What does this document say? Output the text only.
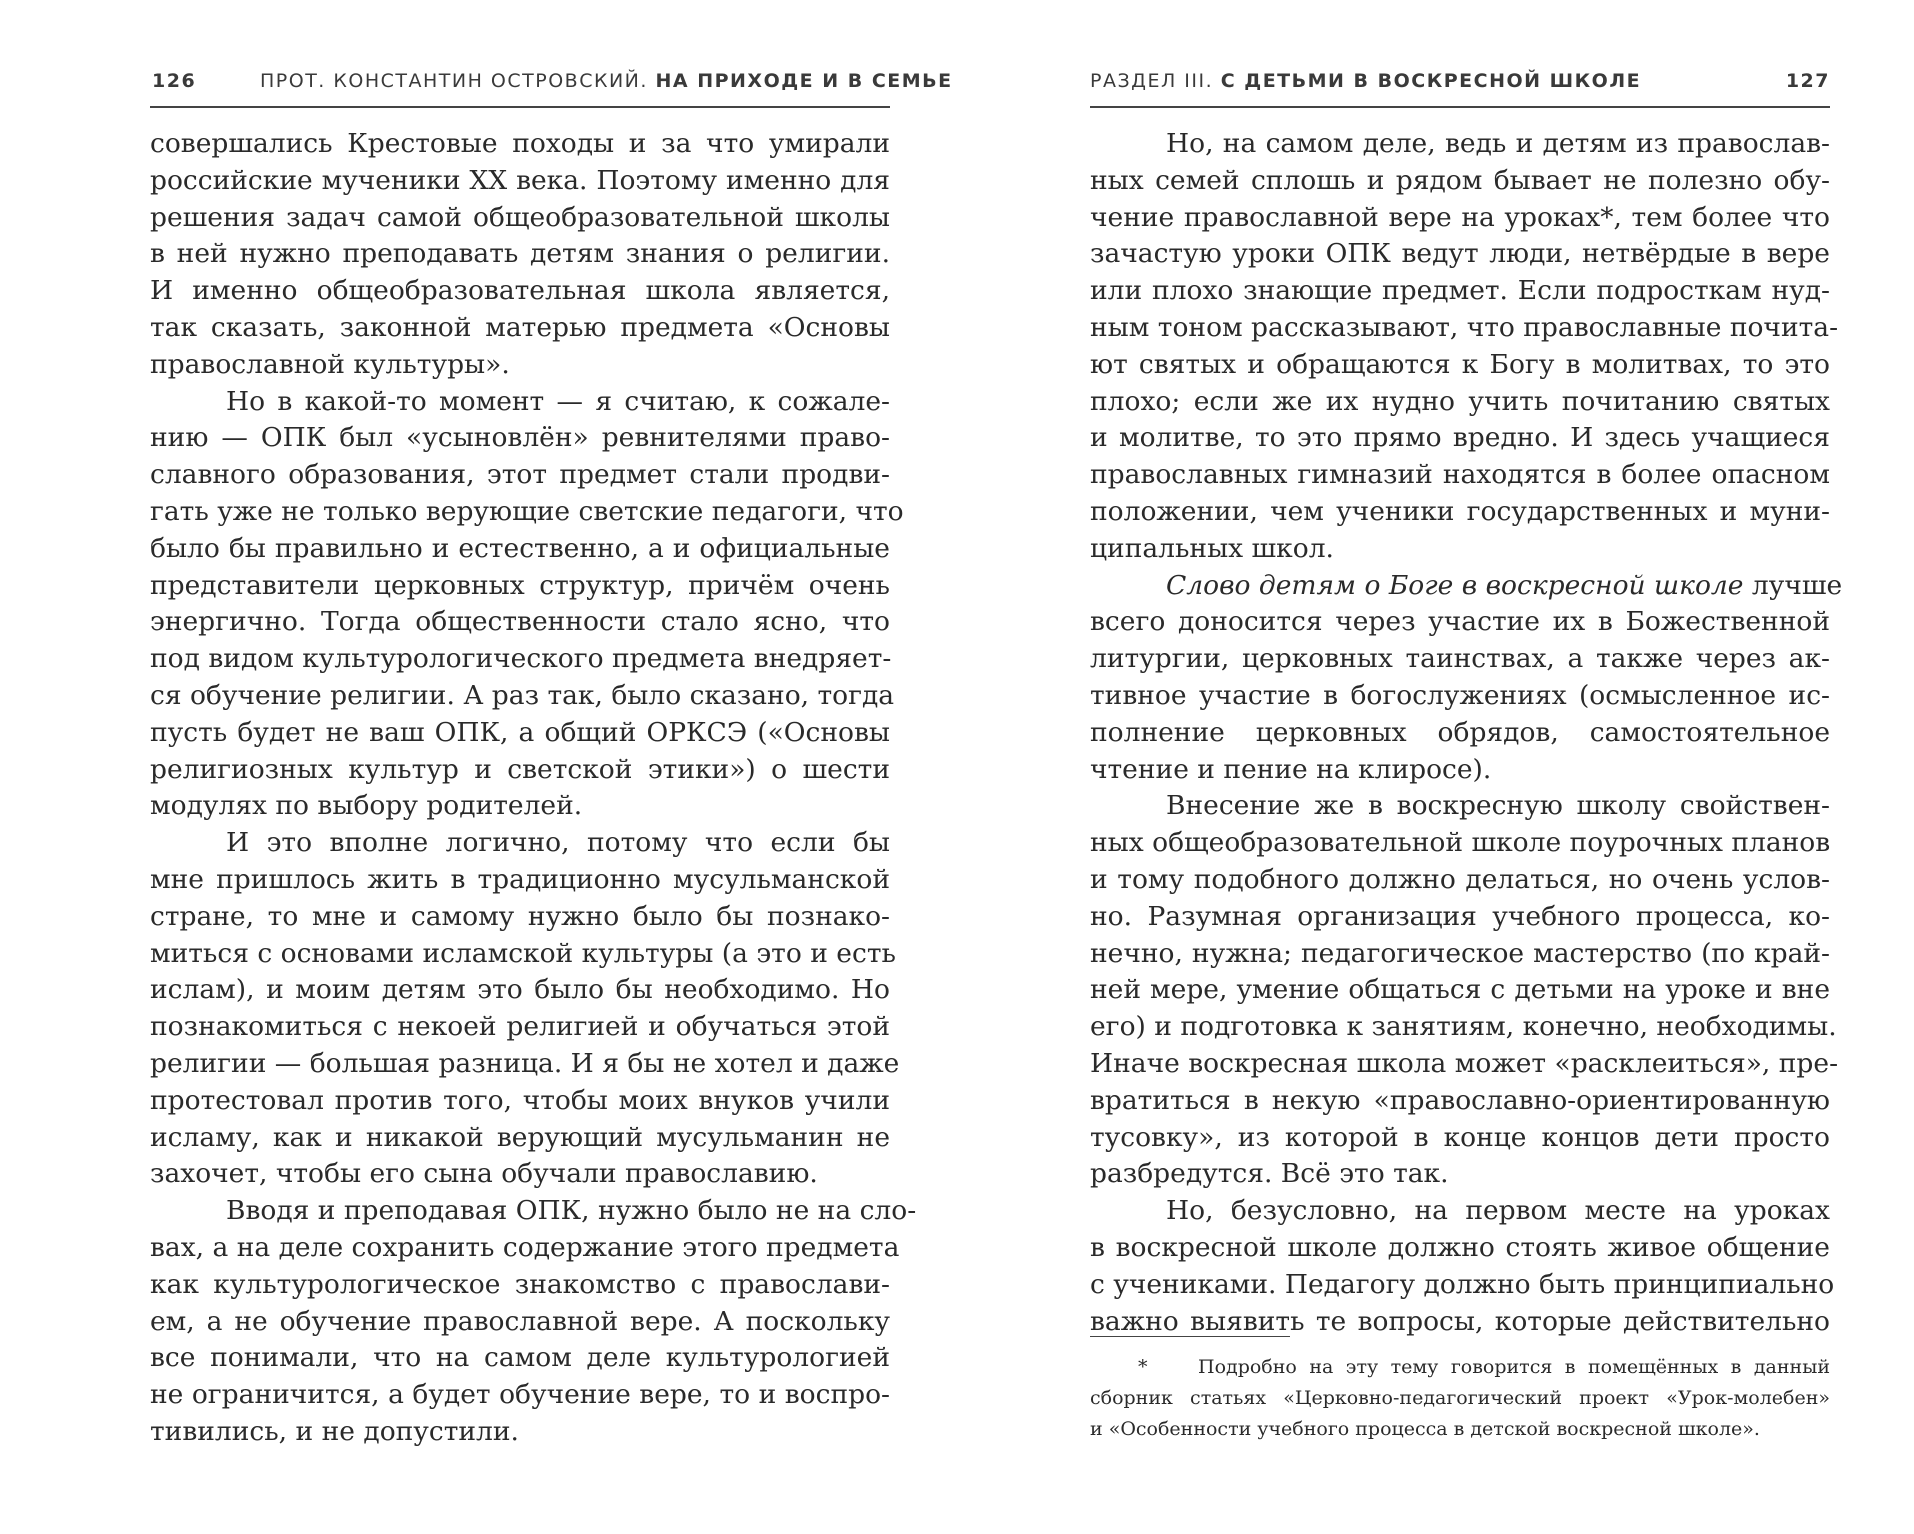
126	ПРОТ. КОНСТАНТИН ОСТРОВСКИЙ. НА ПРИХОДЕ И В СЕМЬЕ
совершались Крестовые походы и за что умирали
российские мученики XX века. Поэтому именно для
решения задач самой общеобразовательной школы
в ней нужно преподавать детям знания о религии.
И именно общеобразовательная школа является,
так сказать, законной матерью предмета «Основы
православной культуры».
Но в какой-то момент — я считаю, к сожале-
нию — ОПК был «усыновлён» ревнителями право-
славного образования, этот предмет стали продви-
гать уже не только верующие светские педагоги, что
было бы правильно и естественно, а и официальные
представители церковных структур, причём очень
энергично. Тогда общественности стало ясно, что
под видом культурологического предмета внедряет-
ся обучение религии. А раз так, было сказано, тогда
пусть будет не ваш ОПК, а общий ОРКСЭ («Основы
религиозных культур и светской этики») о шести
модулях по выбору родителей.
И это вполне логично, потому что если бы
мне пришлось жить в традиционно мусульманской
стране, то мне и самому нужно было бы познако-
миться с основами исламской культуры (а это и есть
ислам), и моим детям это было бы необходимо. Но
познакомиться с некоей религией и обучаться этой
религии — большая разница. И я бы не хотел и даже
протестовал против того, чтобы моих внуков учили
исламу, как и никакой верующий мусульманин не
захочет, чтобы его сына обучали православию.
Вводя и преподавая ОПК, нужно было не на сло-
вах, а на деле сохранить содержание этого предмета
как культурологическое знакомство с православи-
ем, а не обучение православной вере. А поскольку
все понимали, что на самом деле культурологией
не ограничится, а будет обучение вере, то и воспро-
тивились, и не допустили.
РАЗДЕЛ III. С ДЕТЬМИ В ВОСКРЕСНОЙ ШКОЛЕ	127
Но, на самом деле, ведь и детям из православ-
ных семей сплошь и рядом бывает не полезно обу-
чение православной вере на уроках*, тем более что
зачастую уроки ОПК ведут люди, нетвёрдые в вере
или плохо знающие предмет. Если подросткам нуд-
ным тоном рассказывают, что православные почита-
ют святых и обращаются к Богу в молитвах, то это
плохо; если же их нудно учить почитанию святых
и молитве, то это прямо вредно. И здесь учащиеся
православных гимназий находятся в более опасном
положении, чем ученики государственных и муни-
ципальных школ.
Слово детям о Боге в воскресной школе лучше
всего доносится через участие их в Божественной
литургии, церковных таинствах, а также через ак-
тивное участие в богослужениях (осмысленное ис-
полнение церковных обрядов, самостоятельное
чтение и пение на клиросе).
Внесение же в воскресную школу свойствен-
ных общеобразовательной школе поурочных планов
и тому подобного должно делаться, но очень услов-
но. Разумная организация учебного процесса, ко-
нечно, нужна; педагогическое мастерство (по край-
ней мере, умение общаться с детьми на уроке и вне
его) и подготовка к занятиям, конечно, необходимы.
Иначе воскресная школа может «расклеиться», пре-
вратиться в некую «православно-ориентированную
тусовку», из которой в конце концов дети просто
разбредутся. Всё это так.
Но, безусловно, на первом месте на уроках
в воскресной школе должно стоять живое общение
с учениками. Педагогу должно быть принципиально
важно выявить те вопросы, которые действительно
*	Подробно на эту тему говорится в помещённых в данный
сборник статьях «Церковно-педагогический проект «Урок-молебен»
и «Особенности учебного процесса в детской воскресной школе».
